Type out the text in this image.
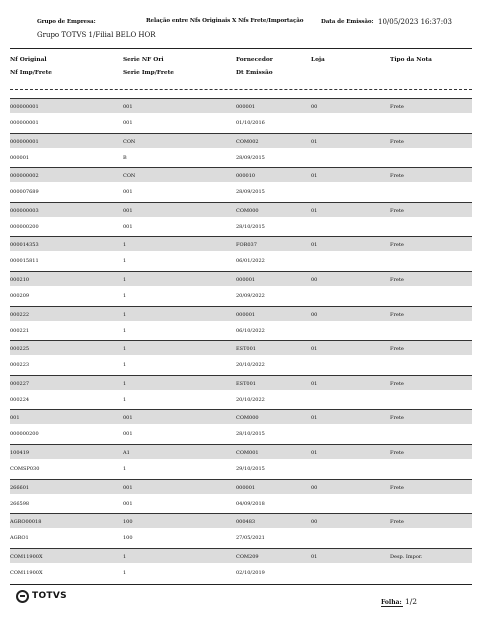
Grupo de Empresa:
Grupo TOTVS 1/Filial BELO HOR
Relação entre Nfs Originais X Nfs Frete/Importação	Data de Emissão: 10/05/2023 16:37:03
Nf Original	Serie NF Ori	Fornecedor	Loja	Tipo da Nota
Nf Imp/Frete	Serie Imp/Frete	Dt Emissão
000000001	001	000001	00	Frete
000000001	001	01/10/2016
000000001	CON	COM002	01	Frete
000001	B	28/09/2015
000000002	CON	000010	01	Frete
000007689	001	28/09/2015
000000003	001	COM000	01	Frete
000000200	001	28/10/2015
000014353	1	FOR037	01	Frete
000015811	1	06/01/2022
000210	1	000001	00	Frete
000209	1	20/09/2022
000222	1	000001	00	Frete
000221	1	06/10/2022
000225	1	EST001	01	Frete
000223	1	20/10/2022
000227	1	EST001	01	Frete
000224	1	20/10/2022
001	001	COM000	01	Frete
000000200	001	28/10/2015
100419	A1	COM001	01	Frete
COMSP030	1	29/10/2015
266601	001	000001	00	Frete
266598	001	04/09/2018
AGRO00018	100	000483	00	Frete
AGRO1	100	27/05/2021
COM11900X	1	COM209	01	Desp. Impor.
COM11900X	1	02/10/2019
TOTVS
Folha: 1/2
